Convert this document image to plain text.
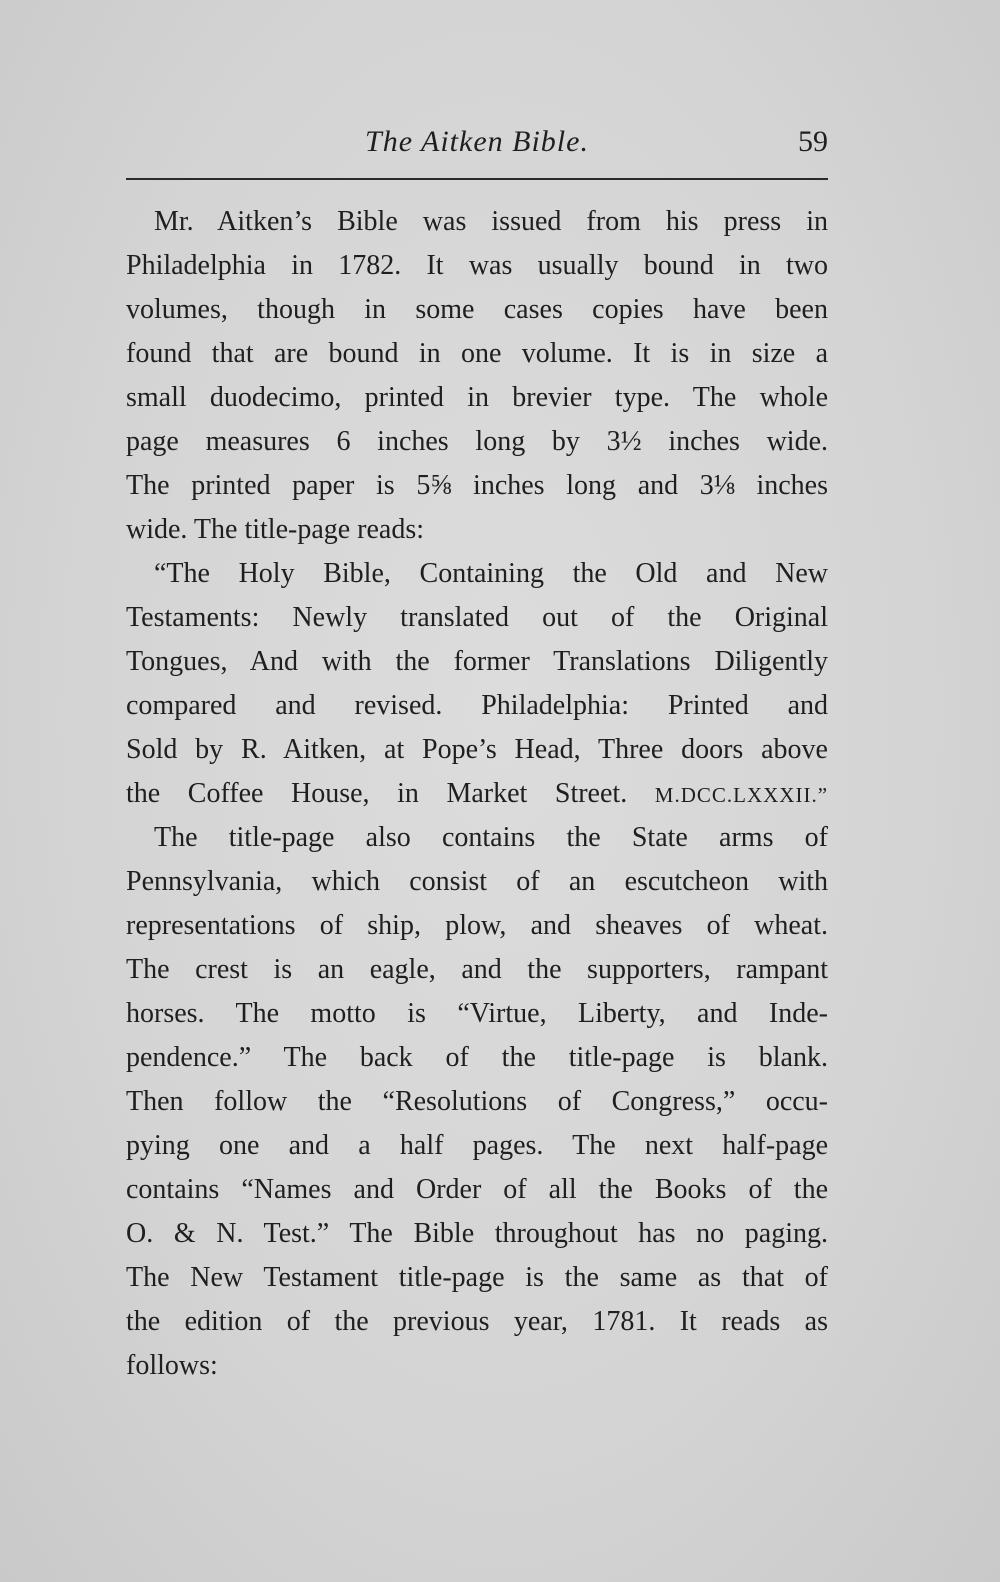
The Aitken Bible.	59
 Mr. Aitken’s Bible was issued from his press in
Philadelphia in 1782. It was usually bound in two
volumes, though in some cases copies have been
found that are bound in one volume. It is in size a
small duodecimo, printed in brevier type. The whole
page measures 6 inches long by 3½ inches wide.
The printed paper is 5⅝ inches long and 3⅛ inches
wide. The title-page reads:
 “The Holy Bible, Containing the Old and New
Testaments: Newly translated out of the Original
Tongues, And with the former Translations Diligently
compared and revised. Philadelphia: Printed and
Sold by R. Aitken, at Pope’s Head, Three doors above
the Coffee House, in Market Street. M.DCC.LXXXII.”
 The title-page also contains the State arms of
Pennsylvania, which consist of an escutcheon with
representations of ship, plow, and sheaves of wheat.
The crest is an eagle, and the supporters, rampant
horses. The motto is “Virtue, Liberty, and Inde-
pendence.” The back of the title-page is blank.
Then follow the “Resolutions of Congress,” occu-
pying one and a half pages. The next half-page
contains “Names and Order of all the Books of the
O. & N. Test.” The Bible throughout has no paging.
The New Testament title-page is the same as that of
the edition of the previous year, 1781. It reads as
follows:
